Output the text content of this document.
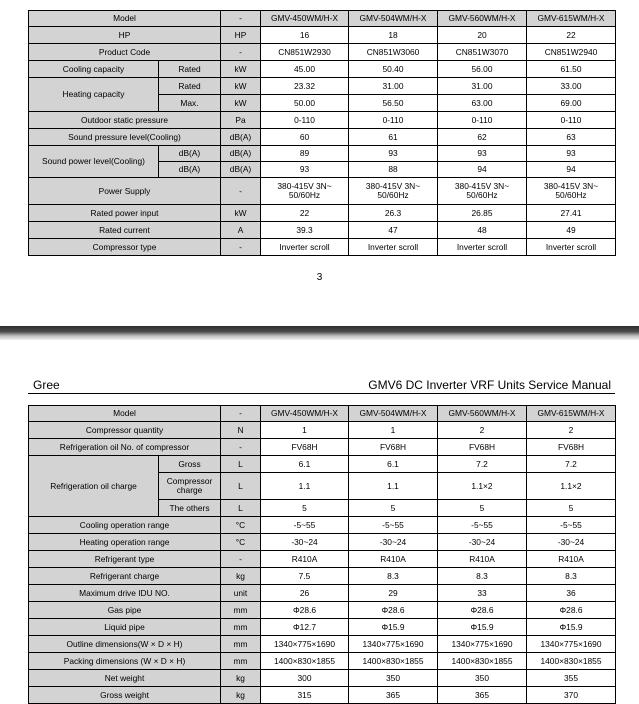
Model		-	GMV-450WM/H-X	GMV-504WM/H-X	GMV-560WM/H-X	GMV-615WM/H-X
HP		HP	16	18	20	22
Product Code		-	CN851W2930	CN851W3060	CN851W3070	CN851W2940
Cooling capacity	Rated	kW	45.00	50.40	56.00	61.50
Heating capacity	Rated	kW	23.32	31.00	31.00	33.00
	Max.	kW	50.00	56.50	63.00	69.00
Outdoor static pressure		Pa	0-110	0-110	0-110	0-110
Sound pressure level(Cooling)		dB(A)	60	61	62	63
Sound power level(Cooling)	dB(A)	dB(A)	89	93	93	93
	dB(A)	dB(A)	93	88	94	94
Power Supply		-	380-415V 3N~ 50/60Hz	380-415V 3N~ 50/60Hz	380-415V 3N~ 50/60Hz	380-415V 3N~ 50/60Hz
Rated power input		kW	22	26.3	26.85	27.41
Rated current		A	39.3	47	48	49
Compressor type		-	Inverter scroll	Inverter scroll	Inverter scroll	Inverter scroll
3
Gree	GMV6 DC Inverter VRF Units Service Manual
Model		-	GMV-450WM/H-X	GMV-504WM/H-X	GMV-560WM/H-X	GMV-615WM/H-X
Compressor quantity		N	1	1	2	2
Refrigeration oil No. of compressor		-	FV68H	FV68H	FV68H	FV68H
Refrigeration oil charge	Gross	L	6.1	6.1	7.2	7.2
	Compressor charge	L	1.1	1.1	1.1×2	1.1×2
	The others	L	5	5	5	5
Cooling operation range		°C	-5~55	-5~55	-5~55	-5~55
Heating operation range		°C	-30~24	-30~24	-30~24	-30~24
Refrigerant type		-	R410A	R410A	R410A	R410A
Refrigerant charge		kg	7.5	8.3	8.3	8.3
Maximum drive IDU NO.		unit	26	29	33	36
Gas pipe		mm	Φ28.6	Φ28.6	Φ28.6	Φ28.6
Liquid pipe		mm	Φ12.7	Φ15.9	Φ15.9	Φ15.9
Outline dimensions(W × D × H)		mm	1340×775×1690	1340×775×1690	1340×775×1690	1340×775×1690
Packing dimensions (W × D × H)		mm	1400×830×1855	1400×830×1855	1400×830×1855	1400×830×1855
Net weight		kg	300	350	350	355
Gross weight		kg	315	365	365	370
